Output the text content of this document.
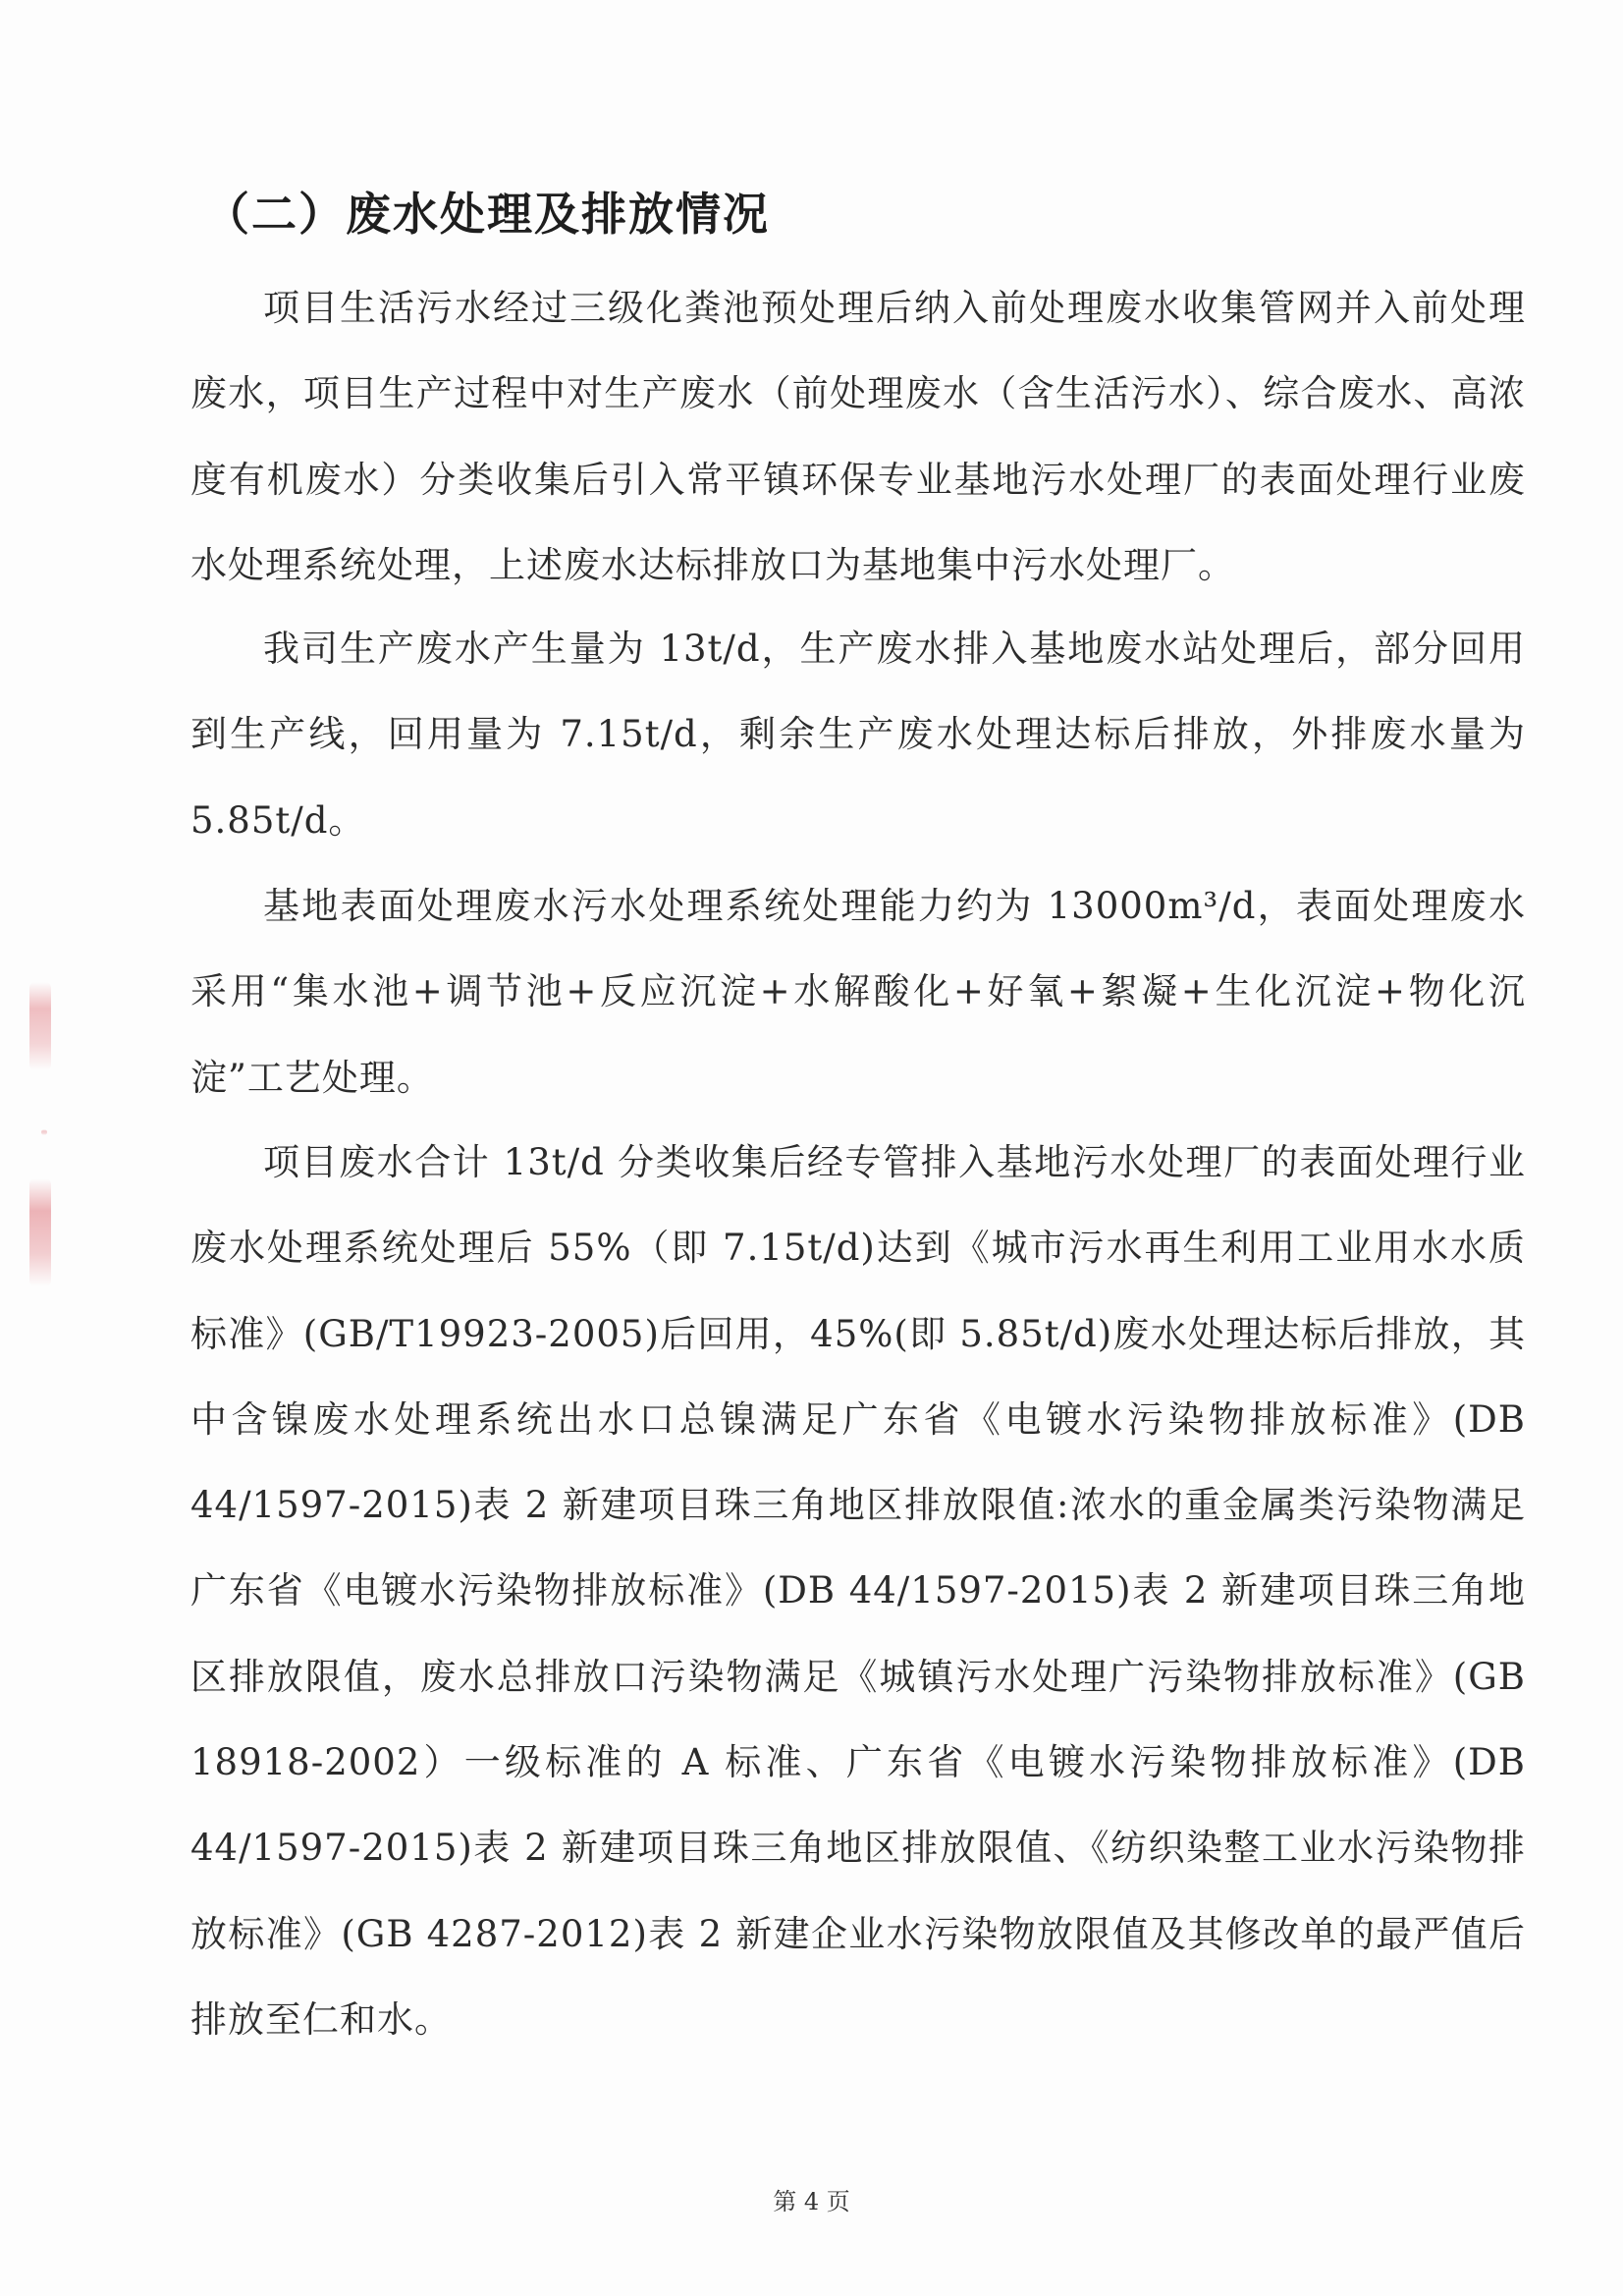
（二）废水处理及排放情况

项目生活污水经过三级化粪池预处理后纳入前处理废水收集管网并入前处理废水，项目生产过程中对生产废水（前处理废水（含生活污水）、综合废水、高浓度有机废水）分类收集后引入常平镇环保专业基地污水处理厂的表面处理行业废水处理系统处理，上述废水达标排放口为基地集中污水处理厂。

我司生产废水产生量为 13t/d，生产废水排入基地废水站处理后，部分回用到生产线，回用量为 7.15t/d，剩余生产废水处理达标后排放，外排废水量为 5.85t/d。

基地表面处理废水污水处理系统处理能力约为 13000m³/d，表面处理废水采用“集水池+调节池+反应沉淀+水解酸化+好氧+絮凝+生化沉淀+物化沉淀”工艺处理。

项目废水合计 13t/d 分类收集后经专管排入基地污水处理厂的表面处理行业废水处理系统处理后 55%（即 7.15t/d)达到《城市污水再生利用工业用水水质标准》(GB/T19923-2005)后回用，45%(即 5.85t/d)废水处理达标后排放，其中含镍废水处理系统出水口总镍满足广东省《电镀水污染物排放标准》(DB 44/1597-2015)表 2 新建项目珠三角地区排放限值:浓水的重金属类污染物满足广东省《电镀水污染物排放标准》(DB 44/1597-2015)表 2 新建项目珠三角地区排放限值，废水总排放口污染物满足《城镇污水处理广污染物排放标准》(GB 18918-2002）一级标准的 A 标准、广东省《电镀水污染物排放标准》(DB 44/1597-2015)表 2 新建项目珠三角地区排放限值、《纺织染整工业水污染物排放标准》(GB 4287-2012)表 2 新建企业水污染物放限值及其修改单的最严值后排放至仁和水。

第 4 页
